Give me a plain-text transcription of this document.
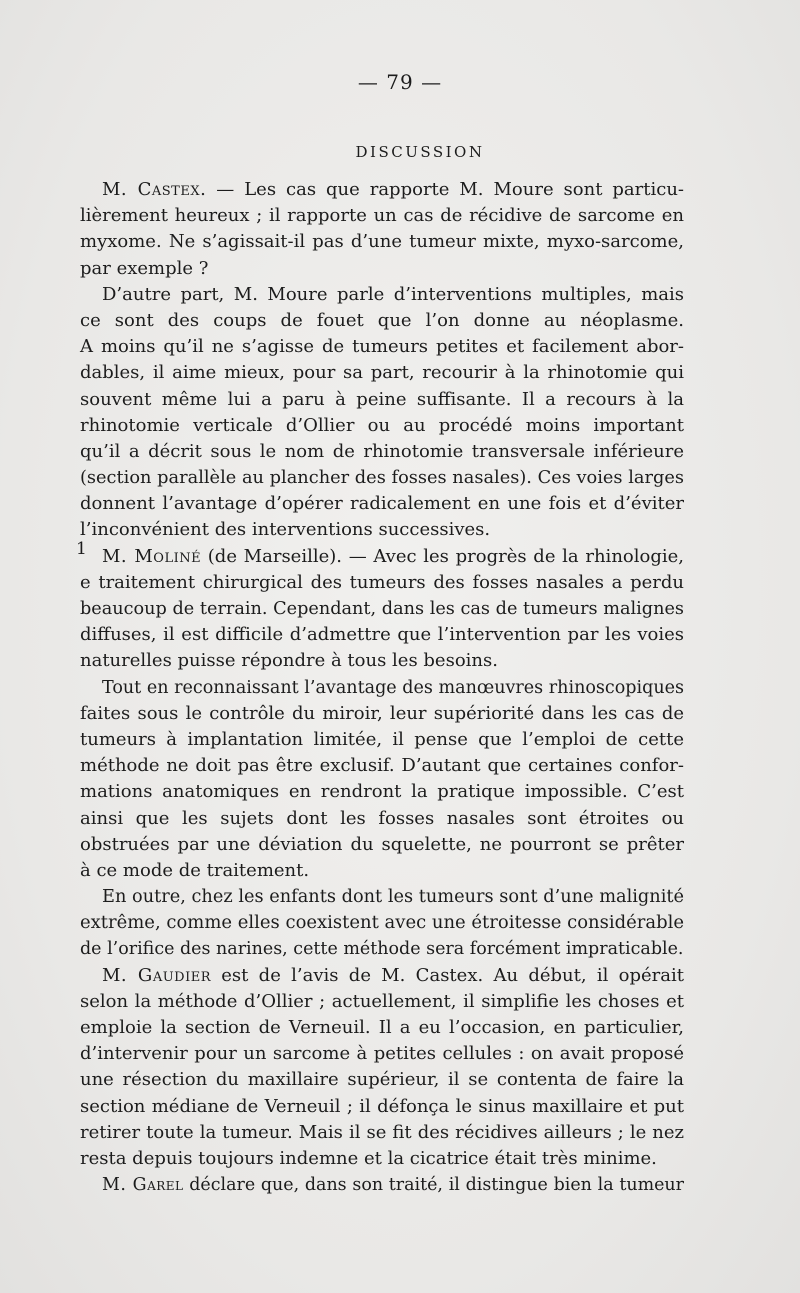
— 79 —
DISCUSSION
1
M. Castex. — Les cas que rapporte M. Moure sont particu-
lièrement heureux ; il rapporte un cas de récidive de sarcome en
myxome. Ne s’agissait-il pas d’une tumeur mixte, myxo-sarcome,
par exemple ?
D’autre part, M. Moure parle d’interventions multiples, mais
ce sont des coups de fouet que l’on donne au néoplasme.
A moins qu’il ne s’agisse de tumeurs petites et facilement abor-
dables, il aime mieux, pour sa part, recourir à la rhinotomie qui
souvent même lui a paru à peine suffisante. Il a recours à la
rhinotomie verticale d’Ollier ou au procédé moins important
qu’il a décrit sous le nom de rhinotomie transversale inférieure
(section parallèle au plancher des fosses nasales). Ces voies larges
donnent l’avantage d’opérer radicalement en une fois et d’éviter
l’inconvénient des interventions successives.
M. Moliné (de Marseille). — Avec les progrès de la rhinologie,
e traitement chirurgical des tumeurs des fosses nasales a perdu
beaucoup de terrain. Cependant, dans les cas de tumeurs malignes
diffuses, il est difficile d’admettre que l’intervention par les voies
naturelles puisse répondre à tous les besoins.
Tout en reconnaissant l’avantage des manœuvres rhinoscopiques
faites sous le contrôle du miroir, leur supériorité dans les cas de
tumeurs à implantation limitée, il pense que l’emploi de cette
méthode ne doit pas être exclusif. D’autant que certaines confor-
mations anatomiques en rendront la pratique impossible. C’est
ainsi que les sujets dont les fosses nasales sont étroites ou
obstruées par une déviation du squelette, ne pourront se prêter
à ce mode de traitement.
En outre, chez les enfants dont les tumeurs sont d’une malignité
extrême, comme elles coexistent avec une étroitesse considérable
de l’orifice des narines, cette méthode sera forcément impraticable.
M. Gaudier est de l’avis de M. Castex. Au début, il opérait
selon la méthode d’Ollier ; actuellement, il simplifie les choses et
emploie la section de Verneuil. Il a eu l’occasion, en particulier,
d’intervenir pour un sarcome à petites cellules : on avait proposé
une résection du maxillaire supérieur, il se contenta de faire la
section médiane de Verneuil ; il défonça le sinus maxillaire et put
retirer toute la tumeur. Mais il se fit des récidives ailleurs ; le nez
resta depuis toujours indemne et la cicatrice était très minime.
M. Garel déclare que, dans son traité, il distingue bien la tumeur
